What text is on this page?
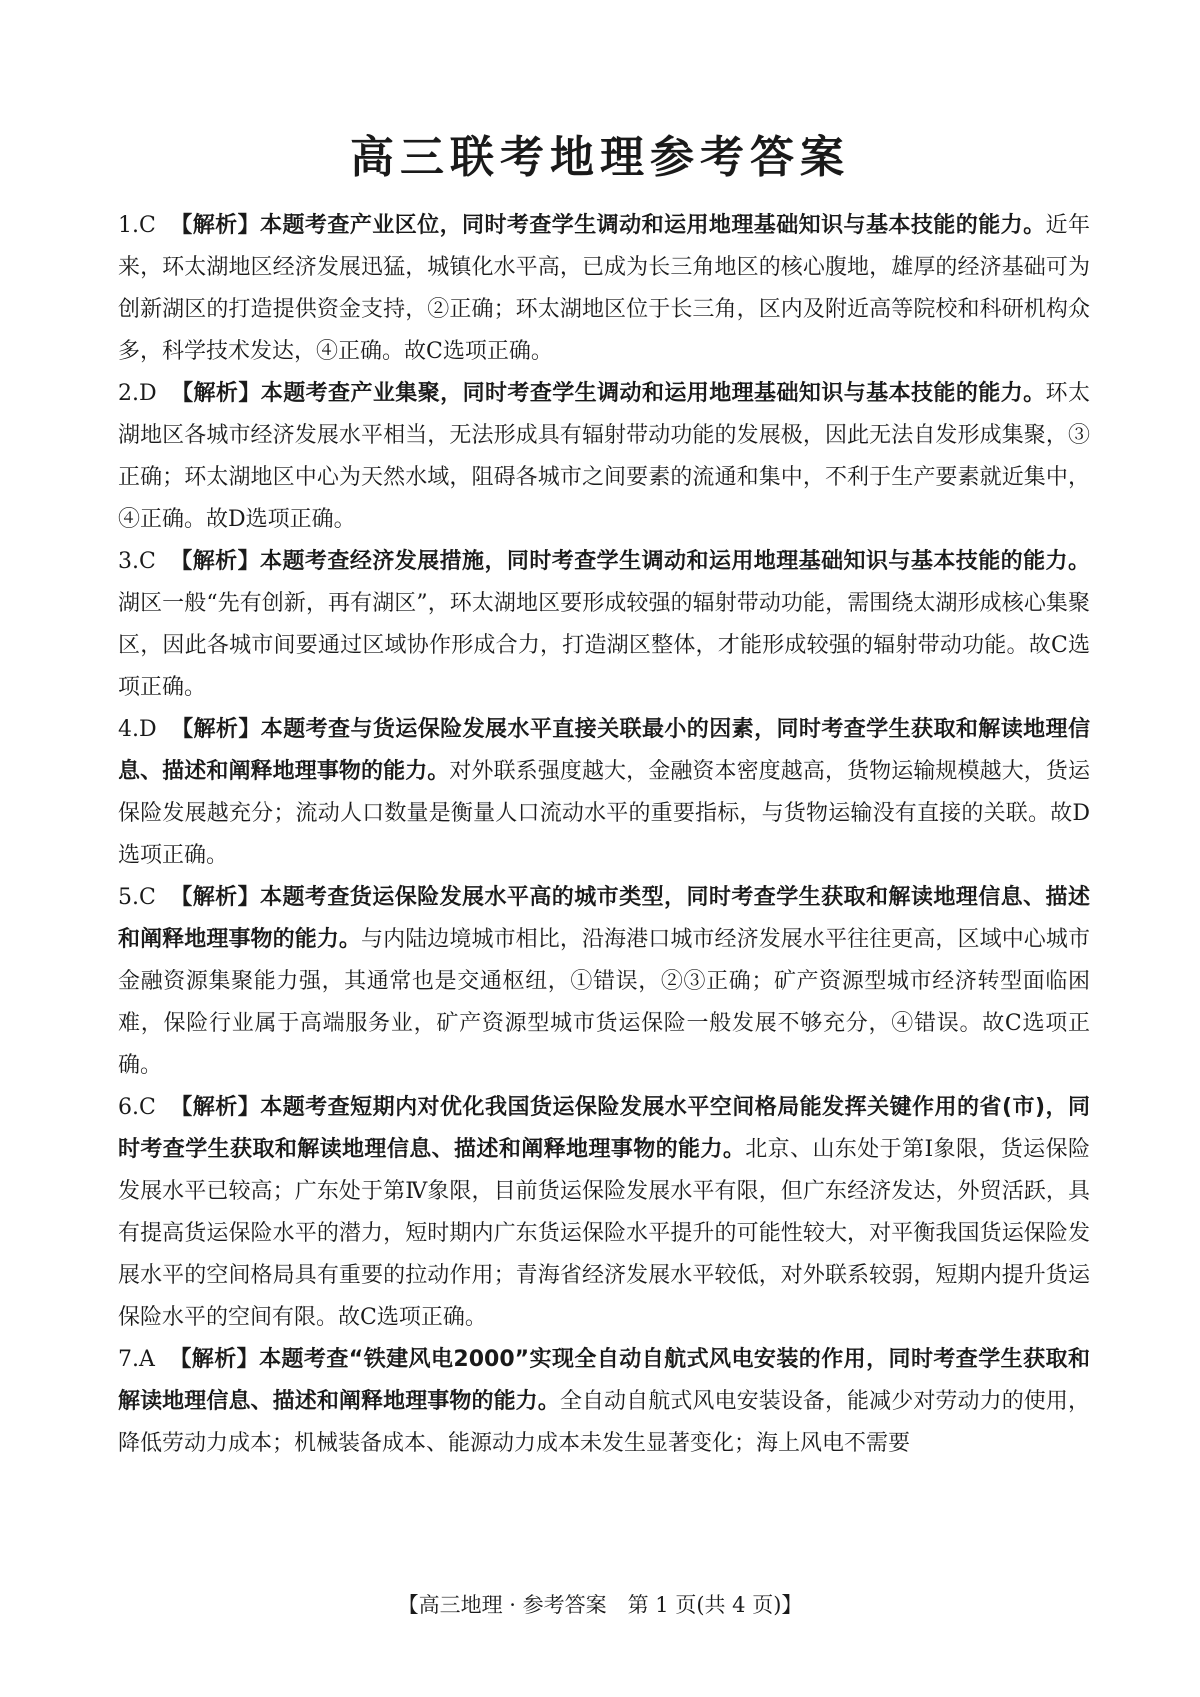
高三联考地理参考答案

1.C 【解析】本题考查产业区位，同时考查学生调动和运用地理基础知识与基本技能的能力。近年来，环太湖地区经济发展迅猛，城镇化水平高，已成为长三角地区的核心腹地，雄厚的经济基础可为创新湖区的打造提供资金支持，②正确；环太湖地区位于长三角，区内及附近高等院校和科研机构众多，科学技术发达，④正确。故C选项正确。

2.D 【解析】本题考查产业集聚，同时考查学生调动和运用地理基础知识与基本技能的能力。环太湖地区各城市经济发展水平相当，无法形成具有辐射带动功能的发展极，因此无法自发形成集聚，③正确；环太湖地区中心为天然水域，阻碍各城市之间要素的流通和集中，不利于生产要素就近集中，④正确。故D选项正确。

3.C 【解析】本题考查经济发展措施，同时考查学生调动和运用地理基础知识与基本技能的能力。湖区一般“先有创新，再有湖区”，环太湖地区要形成较强的辐射带动功能，需围绕太湖形成核心集聚区，因此各城市间要通过区域协作形成合力，打造湖区整体，才能形成较强的辐射带动功能。故C选项正确。

4.D 【解析】本题考查与货运保险发展水平直接关联最小的因素，同时考查学生获取和解读地理信息、描述和阐释地理事物的能力。对外联系强度越大，金融资本密度越高，货物运输规模越大，货运保险发展越充分；流动人口数量是衡量人口流动水平的重要指标，与货物运输没有直接的关联。故D选项正确。

5.C 【解析】本题考查货运保险发展水平高的城市类型，同时考查学生获取和解读地理信息、描述和阐释地理事物的能力。与内陆边境城市相比，沿海港口城市经济发展水平往往更高，区域中心城市金融资源集聚能力强，其通常也是交通枢纽，①错误，②③正确；矿产资源型城市经济转型面临困难，保险行业属于高端服务业，矿产资源型城市货运保险一般发展不够充分，④错误。故C选项正确。

6.C 【解析】本题考查短期内对优化我国货运保险发展水平空间格局能发挥关键作用的省(市)，同时考查学生获取和解读地理信息、描述和阐释地理事物的能力。北京、山东处于第Ⅰ象限，货运保险发展水平已较高；广东处于第Ⅳ象限，目前货运保险发展水平有限，但广东经济发达，外贸活跃，具有提高货运保险水平的潜力，短时期内广东货运保险水平提升的可能性较大，对平衡我国货运保险发展水平的空间格局具有重要的拉动作用；青海省经济发展水平较低，对外联系较弱，短期内提升货运保险水平的空间有限。故C选项正确。

7.A 【解析】本题考查“铁建风电2000”实现全自动自航式风电安装的作用，同时考查学生获取和解读地理信息、描述和阐释地理事物的能力。全自动自航式风电安装设备，能减少对劳动力的使用，降低劳动力成本；机械装备成本、能源动力成本未发生显著变化；海上风电不需要

【高三地理 · 参考答案　第 1 页(共 4 页)】
